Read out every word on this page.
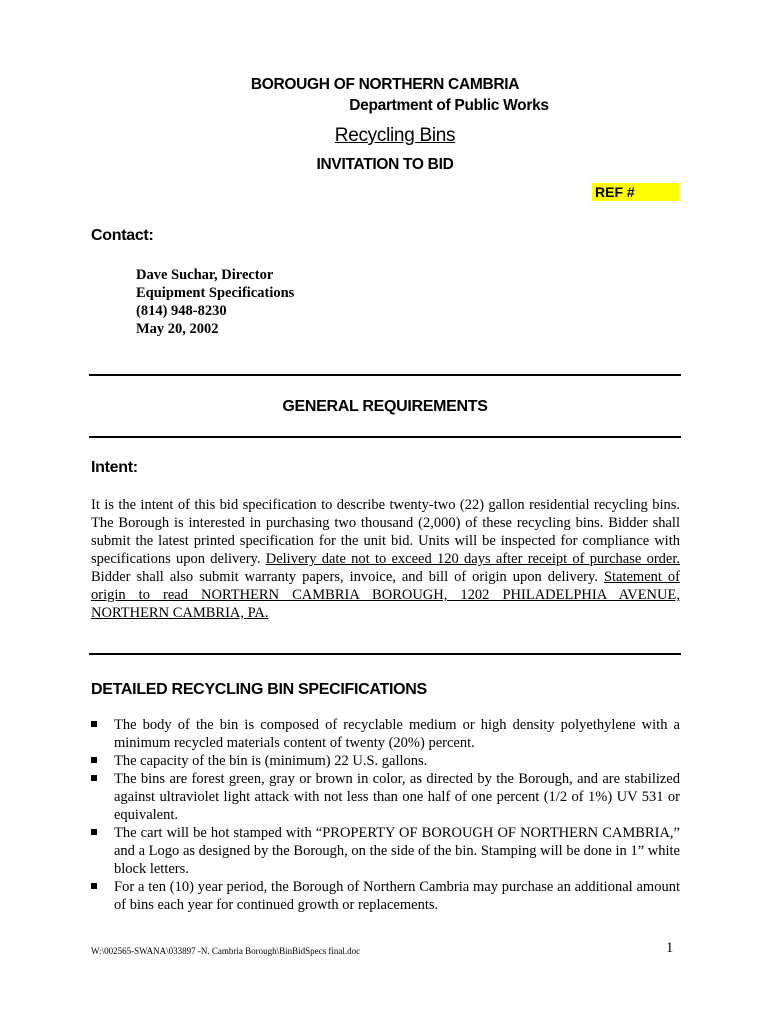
BOROUGH OF NORTHERN CAMBRIA
Department of Public Works
Recycling Bins
INVITATION TO BID
REF #
Contact:
Dave Suchar, Director
Equipment Specifications
(814) 948-8230
May 20, 2002
GENERAL REQUIREMENTS
Intent:
It is the intent of this bid specification to describe twenty-two (22) gallon residential recycling bins. The Borough is interested in purchasing two thousand (2,000) of these recycling bins. Bidder shall submit the latest printed specification for the unit bid. Units will be inspected for compliance with specifications upon delivery. Delivery date not to exceed 120 days after receipt of purchase order. Bidder shall also submit warranty papers, invoice, and bill of origin upon delivery. Statement of origin to read NORTHERN CAMBRIA BOROUGH, 1202 PHILADELPHIA AVENUE, NORTHERN CAMBRIA, PA.
DETAILED RECYCLING BIN SPECIFICATIONS
The body of the bin is composed of recyclable medium or high density polyethylene with a minimum recycled materials content of twenty (20%) percent.
The capacity of the bin is (minimum) 22 U.S. gallons.
The bins are forest green, gray or brown in color, as directed by the Borough, and are stabilized against ultraviolet light attack with not less than one half of one percent (1/2 of 1%) UV 531 or equivalent.
The cart will be hot stamped with “PROPERTY OF BOROUGH OF NORTHERN CAMBRIA,” and a Logo as designed by the Borough, on the side of the bin. Stamping will be done in 1” white block letters.
For a ten (10) year period, the Borough of Northern Cambria may purchase an additional amount of bins each year for continued growth or replacements.
W:\002565-SWANA\033897 -N. Cambria Borough\BinBidSpecs final.doc	1
